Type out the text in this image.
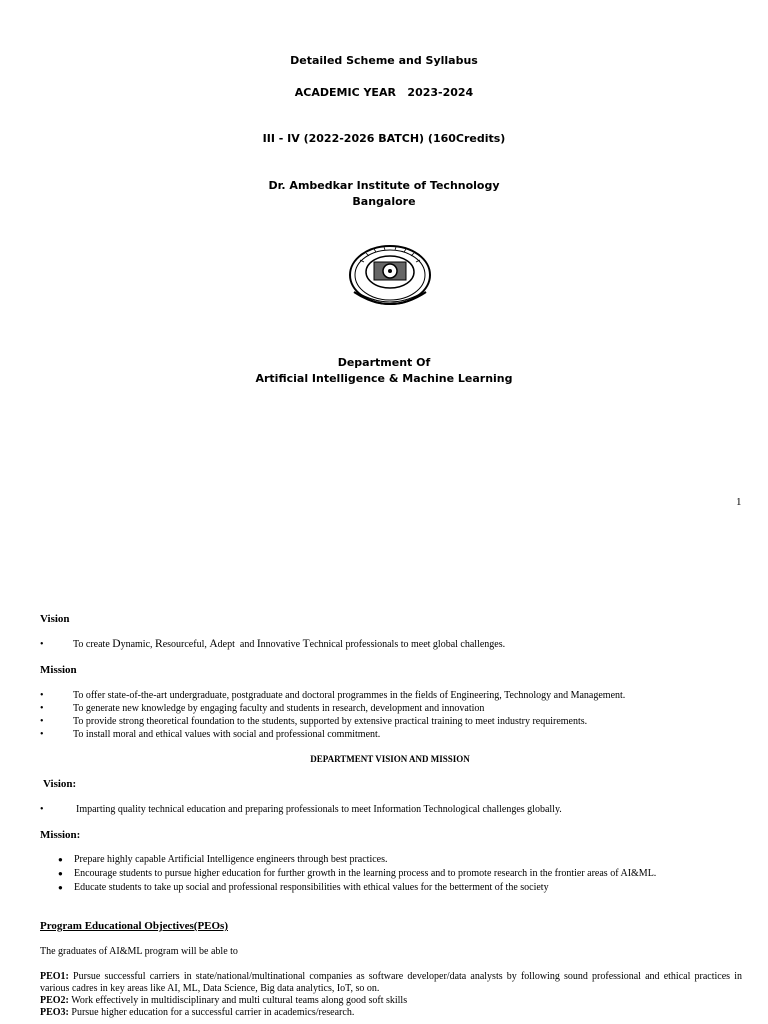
Detailed Scheme and Syllabus
ACADEMIC YEAR   2023-2024
III - IV (2022-2026 BATCH) (160Credits)
Dr. Ambedkar Institute of Technology
Bangalore
Department Of
Artificial Intelligence & Machine Learning
1
Vision
•	To create Dynamic, Resourceful, Adept  and Innovative Technical professionals to meet global challenges.
Mission
•	To offer state-of-the-art undergraduate, postgraduate and doctoral programmes in the fields of Engineering, Technology and Management.
•	To generate new knowledge by engaging faculty and students in research, development and innovation
•	To provide strong theoretical foundation to the students, supported by extensive practical training to meet industry requirements.
•	To install moral and ethical values with social and professional commitment.
DEPARTMENT VISION AND MISSION
Vision:
•	Imparting quality technical education and preparing professionals to meet Information Technological challenges globally.
Mission:
● Prepare highly capable Artificial Intelligence engineers through best practices.
● Encourage students to pursue higher education for further growth in the learning process and to promote research in the frontier areas of AI&ML.
● Educate students to take up social and professional responsibilities with ethical values for the betterment of the society
Program Educational Objectives(PEOs)
The graduates of AI&ML program will be able to
PEO1: Pursue successful carriers in state/national/multinational companies as software developer/data analysts by following sound professional and ethical practices in various cadres in key areas like AI, ML, Data Science, Big data analytics, IoT, so on.
PEO2: Work effectively in multidisciplinary and multi cultural teams along good soft skills
PEO3: Pursue higher education for a successful carrier in academics/research.
